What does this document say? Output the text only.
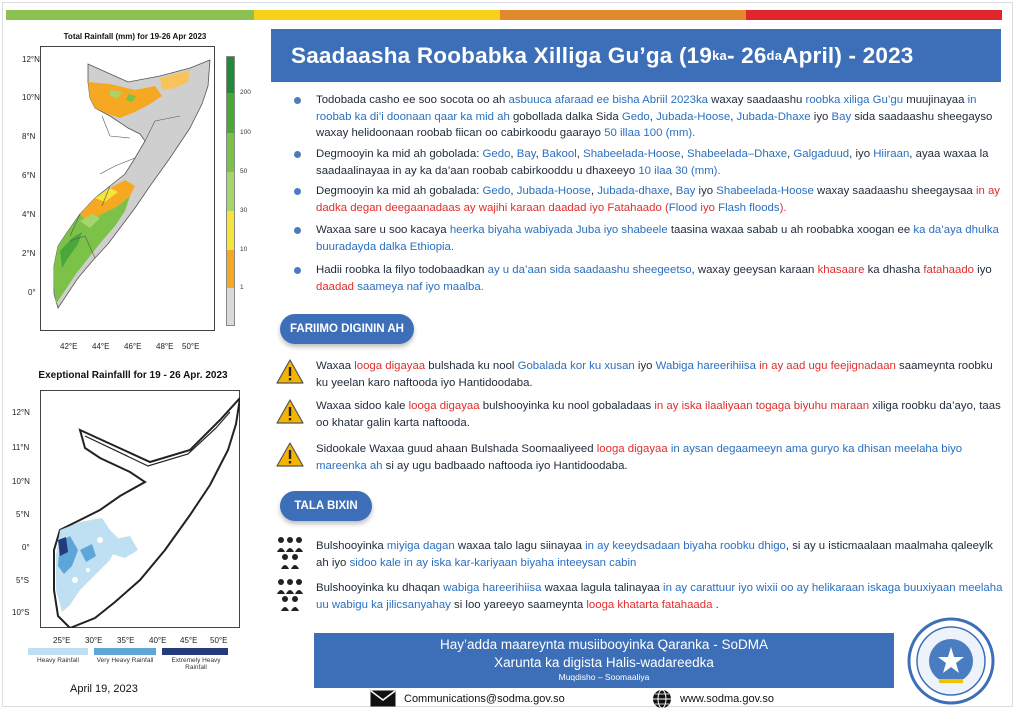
Total Rainfall (mm) for 19-26 Apr 2023
12°N
10°N
8°N
6°N
4°N
2°N
0°
42°E 44°E 46°E 48°E 50°E
200
100
50
30
10
1
Exeptional Rainfalll for 19 - 26 Apr. 2023
12°N
11°N
10°N
5°N
0°
5°S
10°S
25°E 30°E 35°E 40°E 45°E 50°E
Heavy Rainfall	Very Heavy Rainfall	Extremely Heavy Rainfall
April 19, 2023
Saadaasha Roobabka Xilliga Gu’ga (19 ka - 26 da April) - 2023
Todobada casho ee soo socota oo ah asbuuca afaraad ee bisha Abriil 2023ka waxay saadaashu roobka xiliga Gu’gu muujinayaa in roobab ka di’i doonaan qaar ka mid ah gobollada dalka Sida Gedo, Jubada-Hoose, Jubada-Dhaxe iyo Bay sida saadaashu sheegayso waxay helidoonaan roobab fiican oo cabirkoodu gaarayo 50 illaa 100 (mm).
Degmooyin ka mid ah gobolada: Gedo, Bay, Bakool, Shabeelada-Hoose, Shabeelada–Dhaxe, Galgaduud, iyo Hiiraan, ayaa waxaa la saadaalinayaa in ay ka da’aan roobab cabirkooddu u dhaxeeyo 10 ilaa 30 (mm).
Degmooyin ka mid ah gobalada: Gedo, Jubada-Hoose, Jubada-dhaxe, Bay iyo Shabeelada-Hoose waxay saadaashu sheegaysaa in ay dadka degan deegaanadaas ay wajihi karaan daadad iyo Fatahaado (Flood iyo Flash floods).
Waxaa sare u soo kacaya heerka biyaha wabiyada Juba iyo shabeele taasina waxaa sabab u ah roobabka xoogan ee ka da’aya dhulka buuradayda dalka Ethiopia.
Hadii roobka la filyo todobaadkan ay u da’aan sida saadaashu sheegeetso, waxay geeysan karaan khasaare ka dhasha fatahaado iyo daadad saameya naf iyo maalba.
FARIIMO DIGININ AH
Waxaa looga digayaa bulshada ku nool Gobalada kor ku xusan iyo Wabiga hareerihiisa in ay aad ugu feejignadaan saameynta roobku ku yeelan karo naftooda iyo Hantidoodaba.
Waxaa sidoo kale looga digayaa bulshooyinka ku nool gobaladaas in ay iska ilaaliyaan togaga biyuhu maraan xiliga roobku da’ayo, taas oo khatar galin karta naftooda.
Sidookale Waxaa guud ahaan Bulshada Soomaaliyeed looga digayaa in aysan degaameeyn ama guryo ka dhisan meelaha biyo mareenka ah si ay ugu badbaado naftooda iyo Hantidoodaba.
TALA BIXIN
Bulshooyinka miyiga dagan waxaa talo lagu siinayaa in ay keeydsadaan biyaha roobku dhigo, si ay u isticmaalaan maalmaha qaleeylk ah iyo sidoo kale in ay iska kar-kariyaan biyaha inteeysan cabin
Bulshooyinka ku dhaqan wabiga hareerihiisa waxaa lagula talinayaa in ay carattuur iyo wixii oo ay helikaraan iskaga buuxiyaan meelaha uu wabigu ka jilicsanyahay si loo yareeyo saameynta looga khatarta fatahaada .
Hay’adda maareynta musiibooyinka Qaranka - SoDMA
Xarunta ka digista Halis-wadareedka
Muqdisho – Soomaaliya
Communications@sodma.gov.so	www.sodma.gov.so
